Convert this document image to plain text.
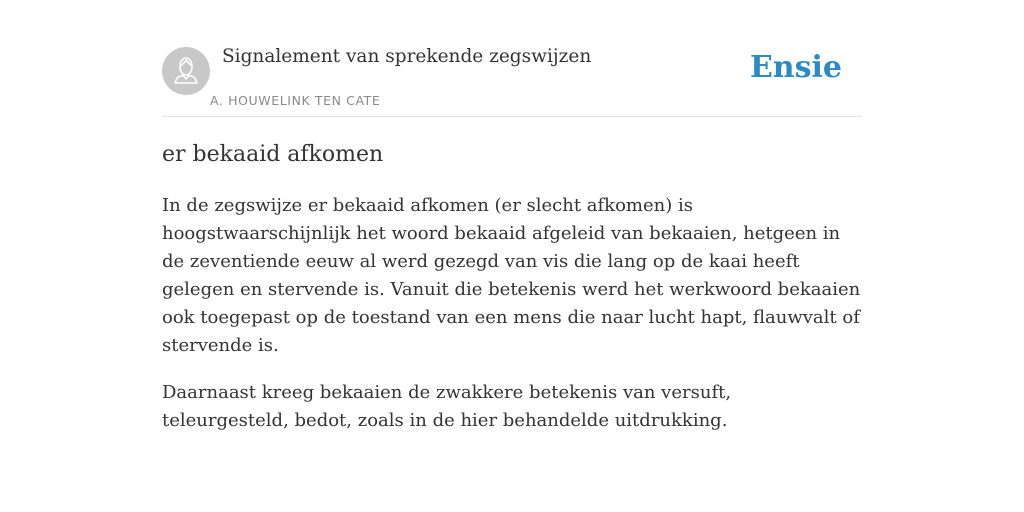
Signalement van sprekende zegswijzen
A. HOUWELINK TEN CATE
Ensie
er bekaaid afkomen

In de zegswijze er bekaaid afkomen (er slecht afkomen) is hoogstwaarschijnlijk het woord bekaaid afgeleid van bekaaien, hetgeen in de zeventiende eeuw al werd gezegd van vis die lang op de kaai heeft gelegen en stervende is. Vanuit die betekenis werd het werkwoord bekaaien ook toegepast op de toestand van een mens die naar lucht hapt, flauwvalt of stervende is.

Daarnaast kreeg bekaaien de zwakkere betekenis van versuft, teleurgesteld, bedot, zoals in de hier behandelde uitdrukking.
